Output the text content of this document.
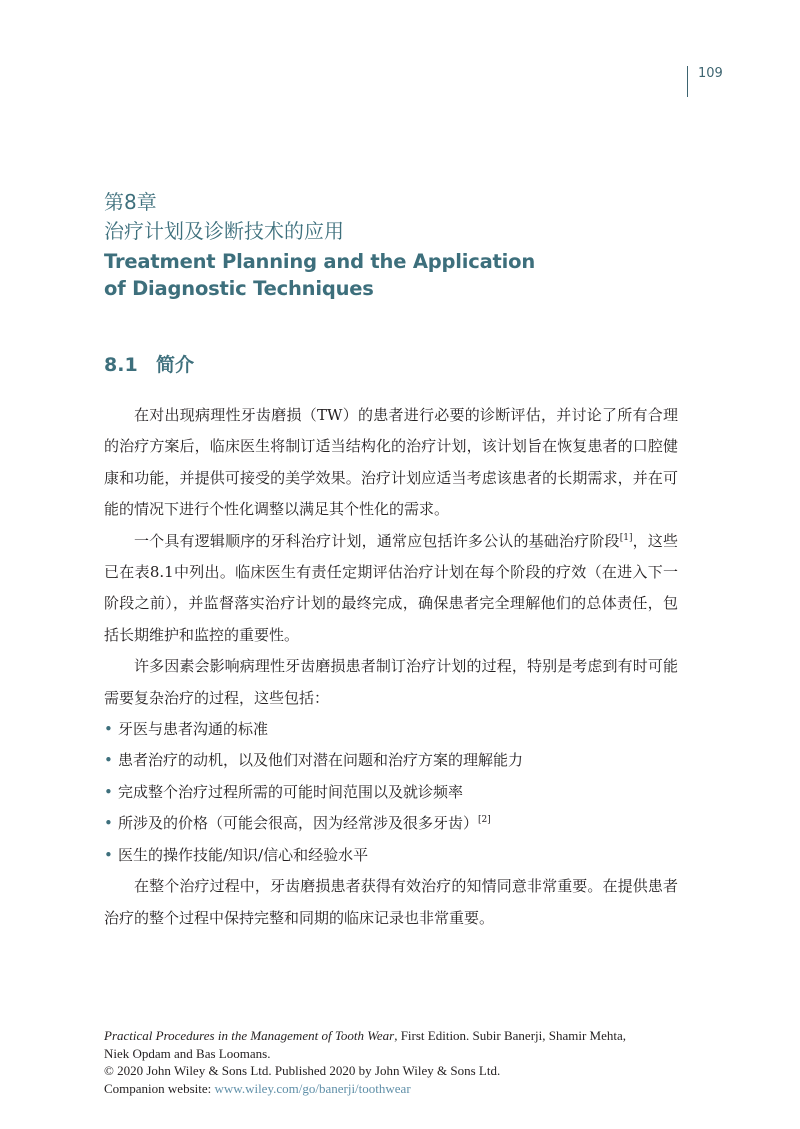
109
第8章
治疗计划及诊断技术的应用
Treatment Planning and the Application
of Diagnostic Techniques
8.1 简介

在对出现病理性牙齿磨损（TW）的患者进行必要的诊断评估，并讨论了所有合理的治疗方案后，临床医生将制订适当结构化的治疗计划，该计划旨在恢复患者的口腔健康和功能，并提供可接受的美学效果。治疗计划应适当考虑该患者的长期需求，并在可能的情况下进行个性化调整以满足其个性化的需求。

一个具有逻辑顺序的牙科治疗计划，通常应包括许多公认的基础治疗阶段[1]，这些已在表8.1中列出。临床医生有责任定期评估治疗计划在每个阶段的疗效（在进入下一阶段之前），并监督落实治疗计划的最终完成，确保患者完全理解他们的总体责任，包括长期维护和监控的重要性。

许多因素会影响病理性牙齿磨损患者制订治疗计划的过程，特别是考虑到有时可能需要复杂治疗的过程，这些包括：

• 牙医与患者沟通的标准
• 患者治疗的动机，以及他们对潜在问题和治疗方案的理解能力
• 完成整个治疗过程所需的可能时间范围以及就诊频率
• 所涉及的价格（可能会很高，因为经常涉及很多牙齿）[2]
• 医生的操作技能/知识/信心和经验水平

在整个治疗过程中，牙齿磨损患者获得有效治疗的知情同意非常重要。在提供患者治疗的整个过程中保持完整和同期的临床记录也非常重要。

Practical Procedures in the Management of Tooth Wear, First Edition. Subir Banerji, Shamir Mehta,
Niek Opdam and Bas Loomans.
© 2020 John Wiley & Sons Ltd. Published 2020 by John Wiley & Sons Ltd.
Companion website: www.wiley.com/go/banerji/toothwear
